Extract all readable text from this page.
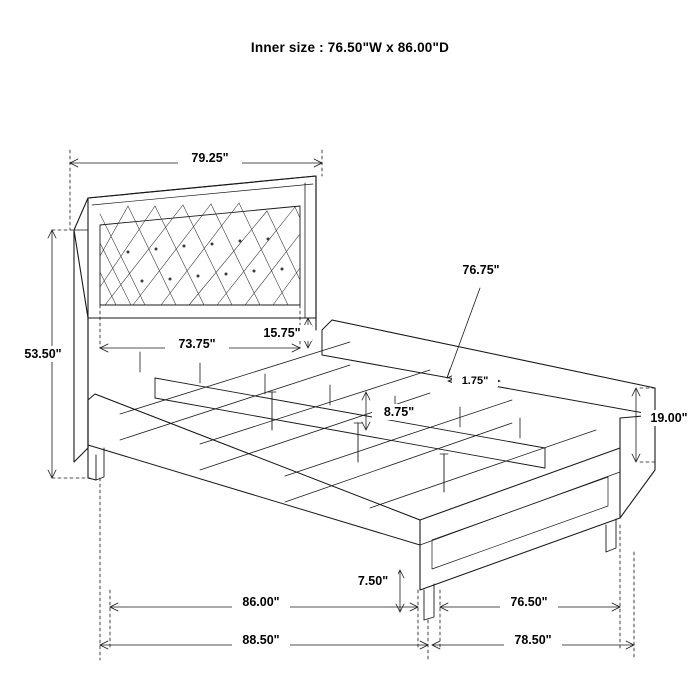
Inner size : 76.50"W x 86.00"D
79.25"
53.50"
73.75"
15.75"
76.75"
1.75"
8.75"	19.00"
7.50"
86.00"	76.50"
88.50"	78.50"
